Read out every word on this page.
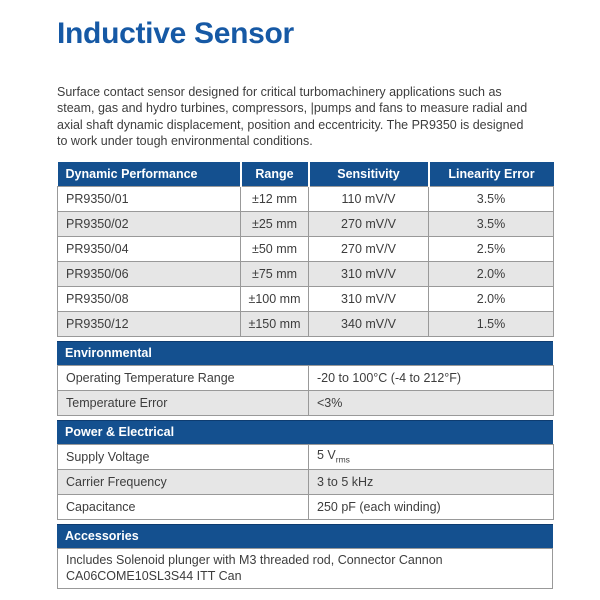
Inductive Sensor

Surface contact sensor designed for critical turbomachinery applications such as steam, gas and hydro turbines, compressors, |pumps and fans to measure radial and axial shaft dynamic displacement, position and eccentricity. The PR9350 is designed to work under tough environmental conditions.

Dynamic Performance	Range	Sensitivity	Linearity Error
PR9350/01	±12 mm	110 mV/V	3.5%
PR9350/02	±25 mm	270 mV/V	3.5%
PR9350/04	±50 mm	270 mV/V	2.5%
PR9350/06	±75 mm	310 mV/V	2.0%
PR9350/08	±100 mm	310 mV/V	2.0%
PR9350/12	±150 mm	340 mV/V	1.5%
Environmental
Operating Temperature Range	-20 to 100°C (-4 to 212°F)
Temperature Error	<3%
Power & Electrical
Supply Voltage	5 $V_{rms}$
Carrier Frequency	3 to 5 kHz
Capacitance	250 pF (each winding)
Accessories
Includes Solenoid plunger with M3 threaded rod, Connector Cannon CA06COME10SL3S44 ITT Can
